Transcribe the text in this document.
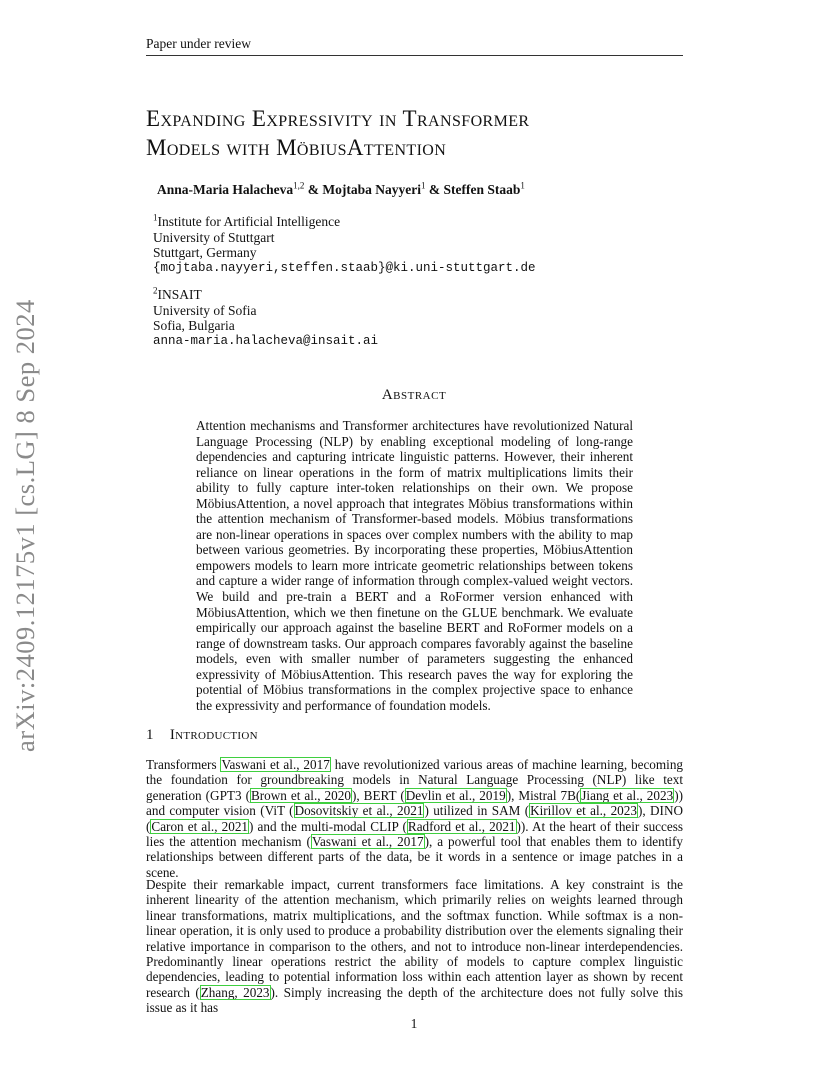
Paper under review
arXiv:2409.12175v1 [cs.LG] 8 Sep 2024
Expanding Expressivity in Transformer
Models with MöbiusAttention
Anna-Maria Halacheva$^{1,2}$ & Mojtaba Nayyeri$^1$ & Steffen Staab$^1$
$^1$Institute for Artificial Intelligence
University of Stuttgart
Stuttgart, Germany
{mojtaba.nayyeri,steffen.staab}@ki.uni-stuttgart.de
$^2$INSAIT
University of Sofia
Sofia, Bulgaria
anna-maria.halacheva@insait.ai
Abstract
Attention mechanisms and Transformer architectures have revolutionized Natural Language Processing (NLP) by enabling exceptional modeling of long-range dependencies and capturing intricate linguistic patterns. However, their inherent reliance on linear operations in the form of matrix multiplications limits their ability to fully capture inter-token relationships on their own. We propose MöbiusAttention, a novel approach that integrates Möbius transformations within the attention mechanism of Transformer-based models. Möbius transformations are non-linear operations in spaces over complex numbers with the ability to map between various geometries. By incorporating these properties, MöbiusAttention empowers models to learn more intricate geometric relationships between tokens and capture a wider range of information through complex-valued weight vectors. We build and pre-train a BERT and a RoFormer version enhanced with MöbiusAttention, which we then finetune on the GLUE benchmark. We evaluate empirically our approach against the baseline BERT and RoFormer models on a range of downstream tasks. Our approach compares favorably against the baseline models, even with smaller number of parameters suggesting the enhanced expressivity of MöbiusAttention. This research paves the way for exploring the potential of Möbius transformations in the complex projective space to enhance the expressivity and performance of foundation models.
1 Introduction
Transformers Vaswani et al., 2017 have revolutionized various areas of machine learning, becoming the foundation for groundbreaking models in Natural Language Processing (NLP) like text generation (GPT3 (Brown et al., 2020), BERT (Devlin et al., 2019), Mistral 7B(Jiang et al., 2023)) and computer vision (ViT (Dosovitskiy et al., 2021) utilized in SAM (Kirillov et al., 2023), DINO (Caron et al., 2021) and the multi-modal CLIP (Radford et al., 2021)). At the heart of their success lies the attention mechanism (Vaswani et al., 2017), a powerful tool that enables them to identify relationships between different parts of the data, be it words in a sentence or image patches in a scene.
Despite their remarkable impact, current transformers face limitations. A key constraint is the inherent linearity of the attention mechanism, which primarily relies on weights learned through linear transformations, matrix multiplications, and the softmax function. While softmax is a non-linear operation, it is only used to produce a probability distribution over the elements signaling their relative importance in comparison to the others, and not to introduce non-linear interdependencies. Predominantly linear operations restrict the ability of models to capture complex linguistic dependencies, leading to potential information loss within each attention layer as shown by recent research (Zhang, 2023). Simply increasing the depth of the architecture does not fully solve this issue as it has
1
